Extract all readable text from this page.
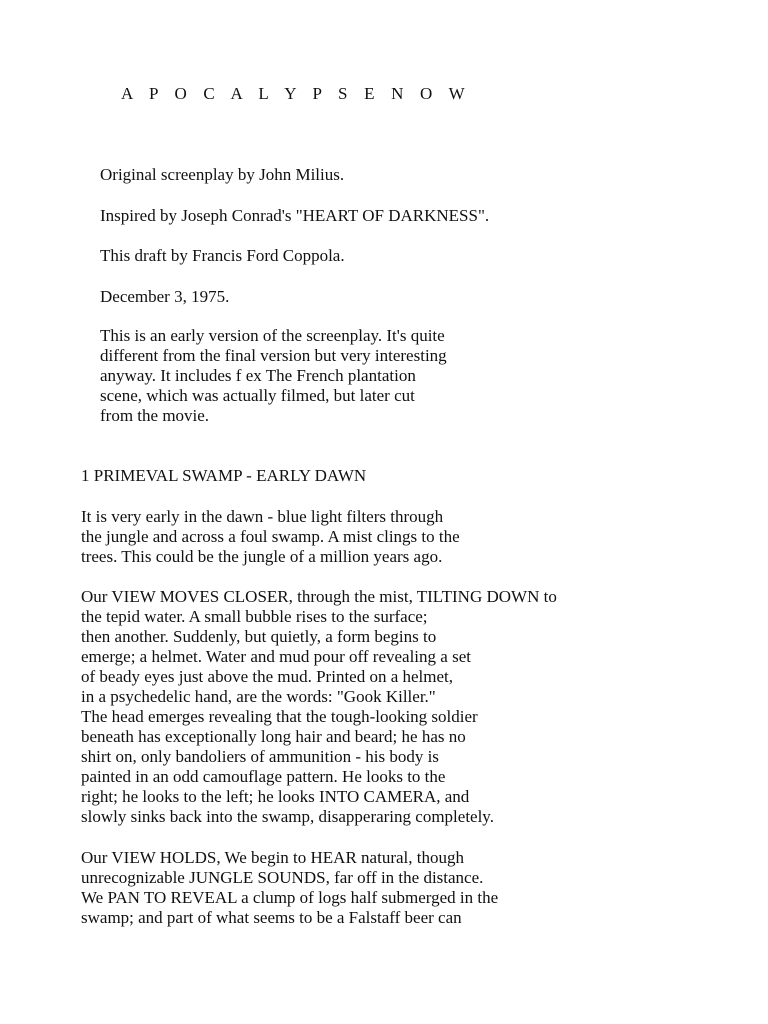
A P O C A L Y P S E N O W

Original screenplay by John Milius.

Inspired by Joseph Conrad's "HEART OF DARKNESS".

This draft by Francis Ford Coppola.

December 3, 1975.

This is an early version of the screenplay. It's quite
different from the final version but very interesting
anyway. It includes f ex The French plantation
scene, which was actually filmed, but later cut
from the movie.
1 PRIMEVAL SWAMP - EARLY DAWN
It is very early in the dawn - blue light filters through
the jungle and across a foul swamp. A mist clings to the
trees. This could be the jungle of a million years ago.
Our VIEW MOVES CLOSER, through the mist, TILTING DOWN to
the tepid water. A small bubble rises to the surface;
then another. Suddenly, but quietly, a form begins to
emerge; a helmet. Water and mud pour off revealing a set
of beady eyes just above the mud. Printed on a helmet,
in a psychedelic hand, are the words: "Gook Killer."
The head emerges revealing that the tough-looking soldier
beneath has exceptionally long hair and beard; he has no
shirt on, only bandoliers of ammunition - his body is
painted in an odd camouflage pattern. He looks to the
right; he looks to the left; he looks INTO CAMERA, and
slowly sinks back into the swamp, disapperaring completely.
Our VIEW HOLDS, We begin to HEAR natural, though
unrecognizable JUNGLE SOUNDS, far off in the distance.
We PAN TO REVEAL a clump of logs half submerged in the
swamp; and part of what seems to be a Falstaff beer can
